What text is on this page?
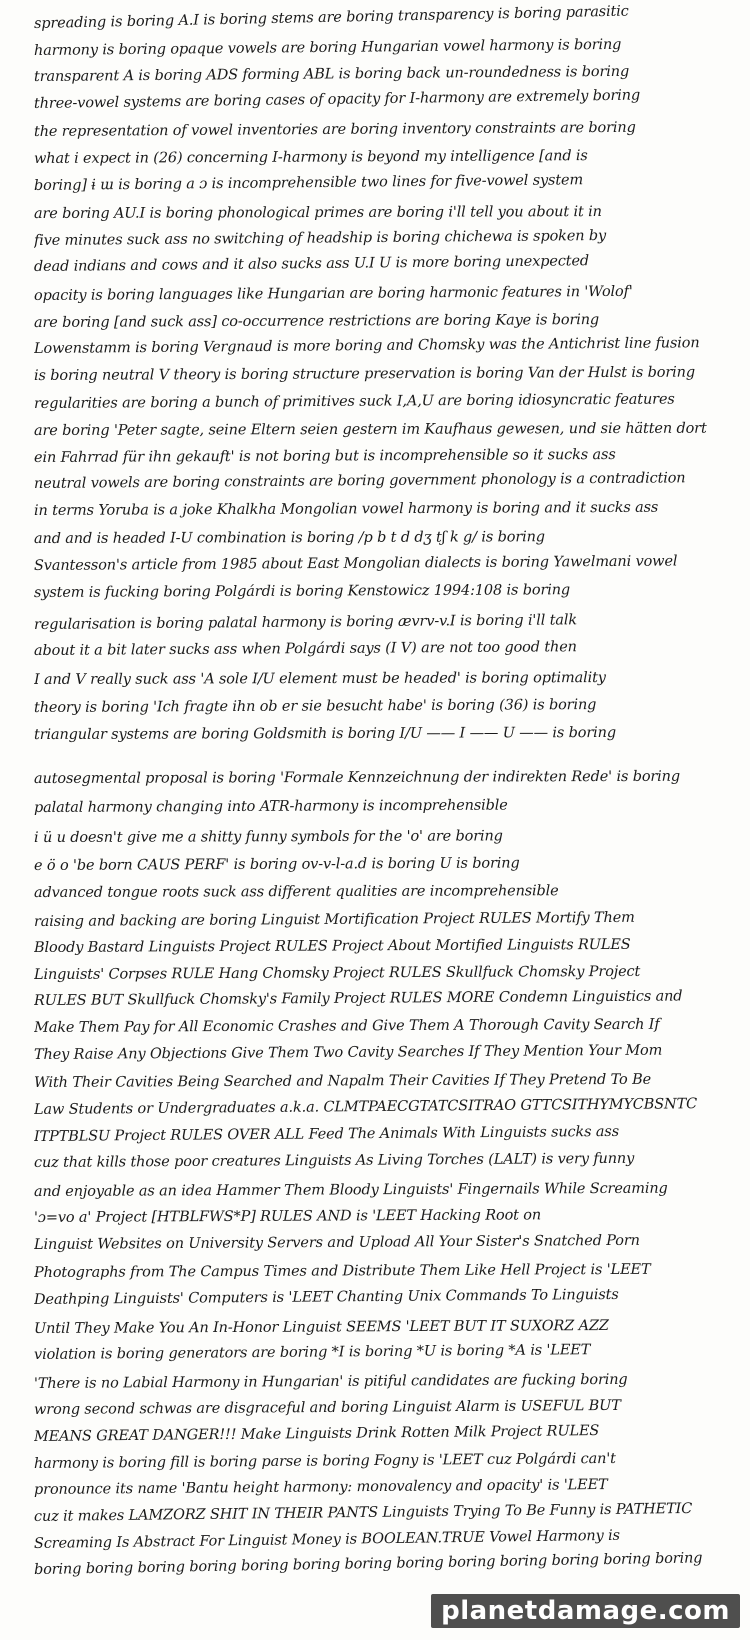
spreading is boring A.I is boring stems are boring transparency is boring parasitic
harmony is boring opaque vowels are boring Hungarian vowel harmony is boring
transparent A is boring ADS forming ABL is boring back un-roundedness is boring
three-vowel systems are boring cases of opacity for I-harmony are extremely boring
the representation of vowel inventories are boring inventory constraints are boring
what i expect in (26) concerning I-harmony is beyond my intelligence [and is
boring] ɨ ɯ is boring a ɔ is incomprehensible two lines for five-vowel system
are boring AU.I is boring phonological primes are boring i'll tell you about it in
five minutes suck ass no switching of headship is boring chichewa is spoken by
dead indians and cows and it also sucks ass U.I U is more boring unexpected
opacity is boring languages like Hungarian are boring harmonic features in 'Wolof'
are boring [and suck ass] co-occurrence restrictions are boring Kaye is boring
Lowenstamm is boring Vergnaud is more boring and Chomsky was the Antichrist line fusion
is boring neutral V theory is boring structure preservation is boring Van der Hulst is boring
regularities are boring a bunch of primitives suck I,A,U are boring idiosyncratic features
are boring 'Peter sagte, seine Eltern seien gestern im Kaufhaus gewesen, und sie hätten dort
ein Fahrrad für ihn gekauft' is not boring but is incomprehensible so it sucks ass
neutral vowels are boring constraints are boring government phonology is a contradiction
in terms Yoruba is a joke Khalkha Mongolian vowel harmony is boring and it sucks ass
and and is headed I-U combination is boring /p b t d dʒ tʃ k g/ is boring
Svantesson's article from 1985 about East Mongolian dialects is boring Yawelmani vowel
system is fucking boring Polgárdi is boring Kenstowicz 1994:108 is boring
regularisation is boring palatal harmony is boring ævrv-v.I is boring i'll talk
about it a bit later sucks ass when Polgárdi says (I V) are not too good then
I and V really suck ass 'A sole I/U element must be headed' is boring optimality
theory is boring 'Ich fragte ihn ob er sie besucht habe' is boring (36) is boring
triangular systems are boring Goldsmith is boring I/U —— I —— U —— is boring
autosegmental proposal is boring 'Formale Kennzeichnung der indirekten Rede' is boring
palatal harmony changing into ATR-harmony is incomprehensible
i ü u doesn't give me a shitty funny symbols for the 'o' are boring
e ö o 'be born CAUS PERF' is boring ov-v-l-a.d is boring U is boring
advanced tongue roots suck ass different qualities are incomprehensible
raising and backing are boring Linguist Mortification Project RULES Mortify Them
Bloody Bastard Linguists Project RULES Project About Mortified Linguists RULES
Linguists' Corpses RULE Hang Chomsky Project RULES Skullfuck Chomsky Project
RULES BUT Skullfuck Chomsky's Family Project RULES MORE Condemn Linguistics and
Make Them Pay for All Economic Crashes and Give Them A Thorough Cavity Search If
They Raise Any Objections Give Them Two Cavity Searches If They Mention Your Mom
With Their Cavities Being Searched and Napalm Their Cavities If They Pretend To Be
Law Students or Undergraduates a.k.a. CLMTPAECGTATCSITRAO GTTCSITHYMYCBSNTC
ITPTBLSU Project RULES OVER ALL Feed The Animals With Linguists sucks ass
cuz that kills those poor creatures Linguists As Living Torches (LALT) is very funny
and enjoyable as an idea Hammer Them Bloody Linguists' Fingernails While Screaming
'ɔ=vo a' Project [HTBLFWS*P] RULES AND is 'LEET Hacking Root on
Linguist Websites on University Servers and Upload All Your Sister's Snatched Porn
Photographs from The Campus Times and Distribute Them Like Hell Project is 'LEET
Deathping Linguists' Computers is 'LEET Chanting Unix Commands To Linguists
Until They Make You An In-Honor Linguist SEEMS 'LEET BUT IT SUXORZ AZZ
violation is boring generators are boring *I is boring *U is boring *A is 'LEET
'There is no Labial Harmony in Hungarian' is pitiful candidates are fucking boring
wrong second schwas are disgraceful and boring Linguist Alarm is USEFUL BUT
MEANS GREAT DANGER!!! Make Linguists Drink Rotten Milk Project RULES
harmony is boring fill is boring parse is boring Fogny is 'LEET cuz Polgárdi can't
pronounce its name 'Bantu height harmony: monovalency and opacity' is 'LEET
cuz it makes LAMZORZ SHIT IN THEIR PANTS Linguists Trying To Be Funny is PATHETIC
Screaming Is Abstract For Linguist Money is BOOLEAN.TRUE Vowel Harmony is
boring boring boring boring boring boring boring boring boring boring boring boring boring
planetdamage.com
